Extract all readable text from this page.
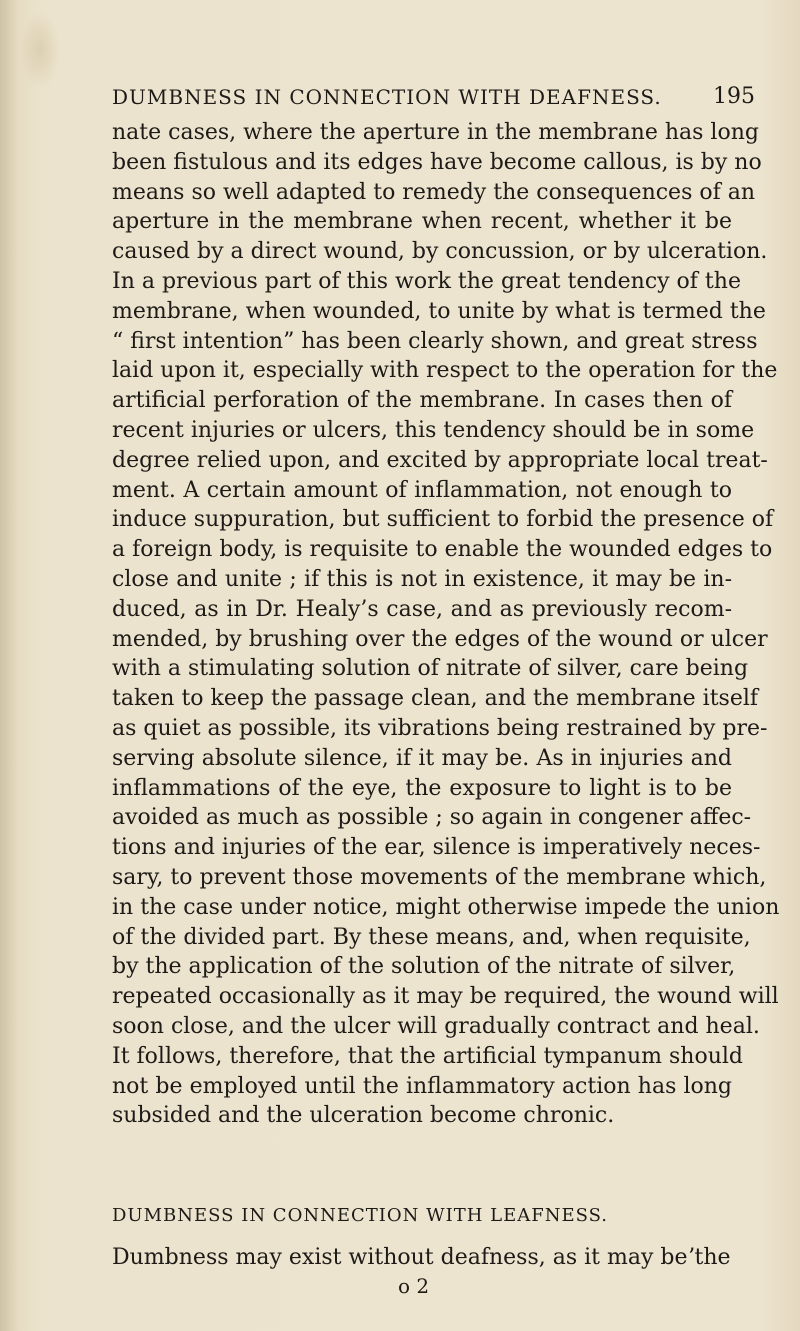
DUMBNESS IN CONNECTION WITH DEAFNESS. 195
nate cases, where the aperture in the membrane has long
been fistulous and its edges have become callous, is by no
means so well adapted to remedy the consequences of an
aperture in the membrane when recent, whether it be
caused by a direct wound, by concussion, or by ulceration.
In a previous part of this work the great tendency of the
membrane, when wounded, to unite by what is termed the
“ first intention” has been clearly shown, and great stress
laid upon it, especially with respect to the operation for the
artificial perforation of the membrane. In cases then of
recent injuries or ulcers, this tendency should be in some
degree relied upon, and excited by appropriate local treat-
ment. A certain amount of inflammation, not enough to
induce suppuration, but sufficient to forbid the presence of
a foreign body, is requisite to enable the wounded edges to
close and unite ; if this is not in existence, it may be in-
duced, as in Dr. Healy’s case, and as previously recom-
mended, by brushing over the edges of the wound or ulcer
with a stimulating solution of nitrate of silver, care being
taken to keep the passage clean, and the membrane itself
as quiet as possible, its vibrations being restrained by pre-
serving absolute silence, if it may be. As in injuries and
inflammations of the eye, the exposure to light is to be
avoided as much as possible ; so again in congener affec-
tions and injuries of the ear, silence is imperatively neces-
sary, to prevent those movements of the membrane which,
in the case under notice, might otherwise impede the union
of the divided part. By these means, and, when requisite,
by the application of the solution of the nitrate of silver,
repeated occasionally as it may be required, the wound will
soon close, and the ulcer will gradually contract and heal.
It follows, therefore, that the artificial tympanum should
not be employed until the inflammatory action has long
subsided and the ulceration become chronic.
DUMBNESS IN CONNECTION WITH LEAFNESS.
Dumbness may exist without deafness, as it may beʼthe
o 2
